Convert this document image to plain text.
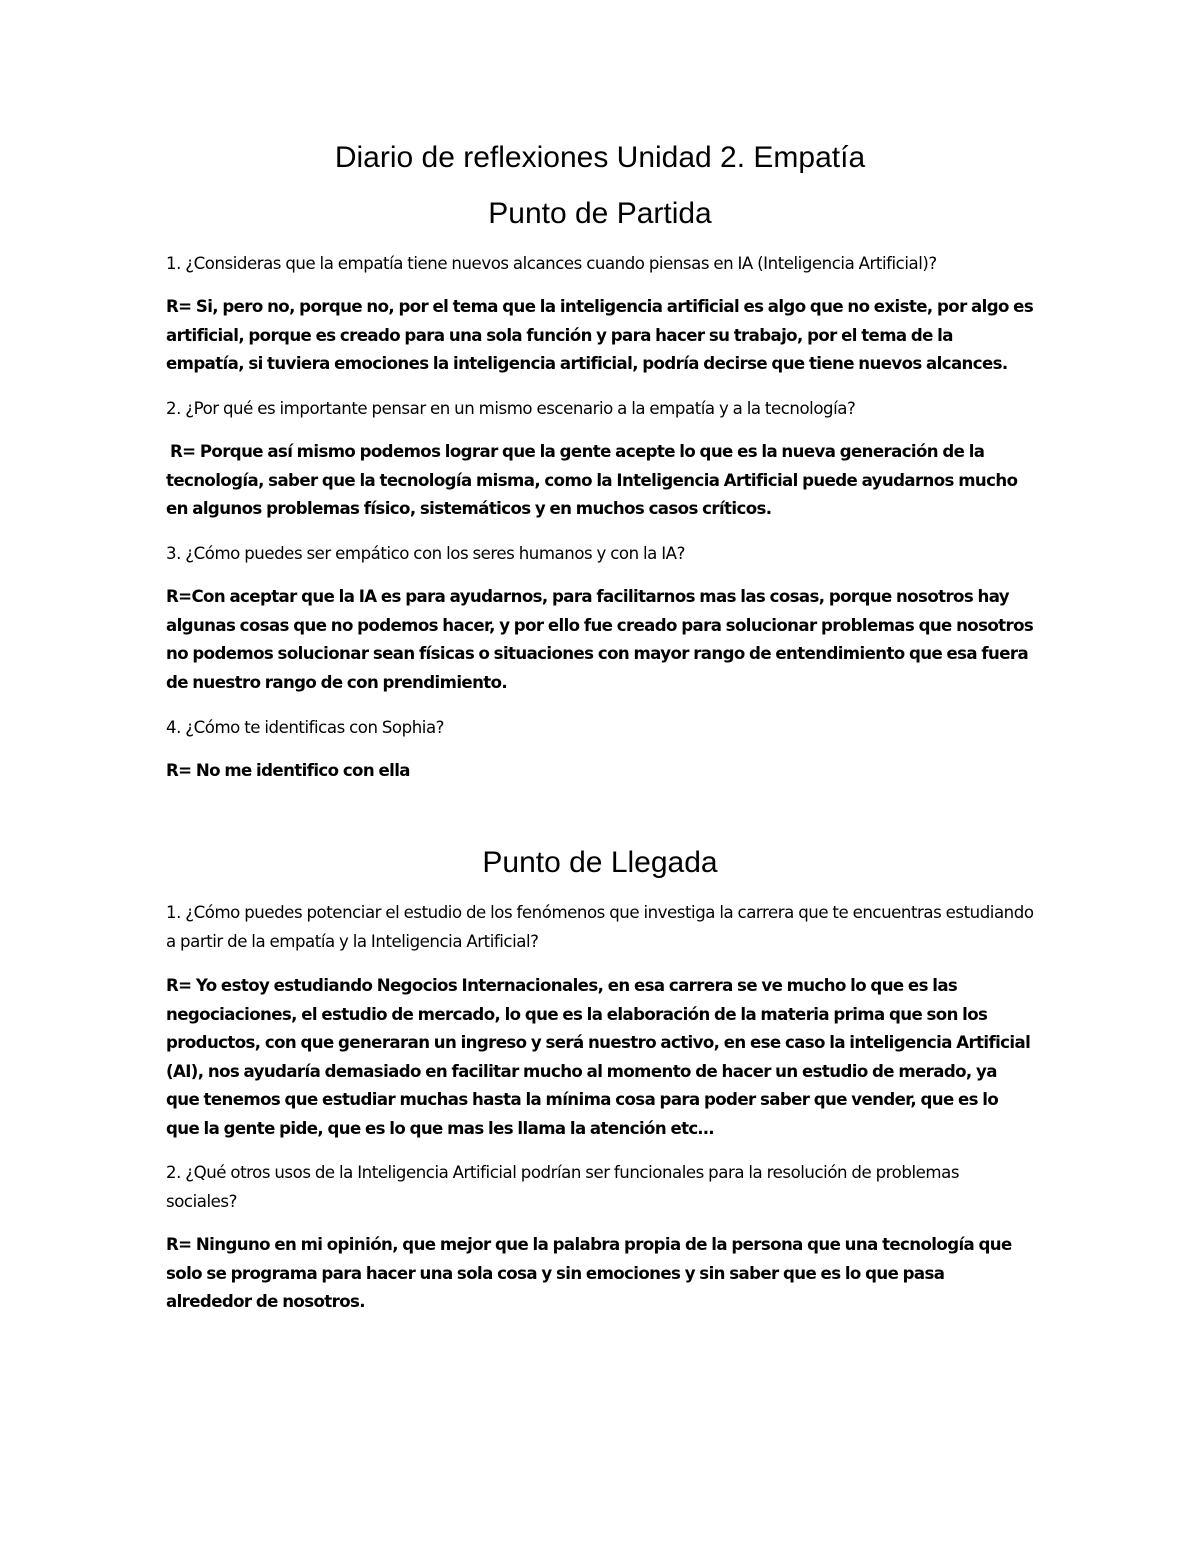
Diario de reflexiones Unidad 2. Empatía
Punto de Partida

1. ¿Consideras que la empatía tiene nuevos alcances cuando piensas en IA (Inteligencia Artificial)?

R= Si, pero no, porque no, por el tema que la inteligencia artificial es algo que no existe, por algo es artificial, porque es creado para una sola función y para hacer su trabajo, por el tema de la empatía, si tuviera emociones la inteligencia artificial, podría decirse que tiene nuevos alcances.

2. ¿Por qué es importante pensar en un mismo escenario a la empatía y a la tecnología?

R= Porque así mismo podemos lograr que la gente acepte lo que es la nueva generación de la tecnología, saber que la tecnología misma, como la Inteligencia Artificial puede ayudarnos mucho en algunos problemas físico, sistemáticos y en muchos casos críticos.

3. ¿Cómo puedes ser empático con los seres humanos y con la IA?

R=Con aceptar que la IA es para ayudarnos, para facilitarnos mas las cosas, porque nosotros hay algunas cosas que no podemos hacer, y por ello fue creado para solucionar problemas que nosotros no podemos solucionar sean físicas o situaciones con mayor rango de entendimiento que esa fuera de nuestro rango de con prendimiento.

4. ¿Cómo te identificas con Sophia?

R= No me identifico con ella

Punto de Llegada

1. ¿Cómo puedes potenciar el estudio de los fenómenos que investiga la carrera que te encuentras estudiando a partir de la empatía y la Inteligencia Artificial?

R= Yo estoy estudiando Negocios Internacionales, en esa carrera se ve mucho lo que es las negociaciones, el estudio de mercado, lo que es la elaboración de la materia prima que son los productos, con que generaran un ingreso y será nuestro activo, en ese caso la inteligencia Artificial (AI), nos ayudaría demasiado en facilitar mucho al momento de hacer un estudio de merado, ya que tenemos que estudiar muchas hasta la mínima cosa para poder saber que vender, que es lo que la gente pide, que es lo que mas les llama la atención etc…

2. ¿Qué otros usos de la Inteligencia Artificial podrían ser funcionales para la resolución de problemas sociales?

R= Ninguno en mi opinión, que mejor que la palabra propia de la persona que una tecnología que solo se programa para hacer una sola cosa y sin emociones y sin saber que es lo que pasa alrededor de nosotros.
